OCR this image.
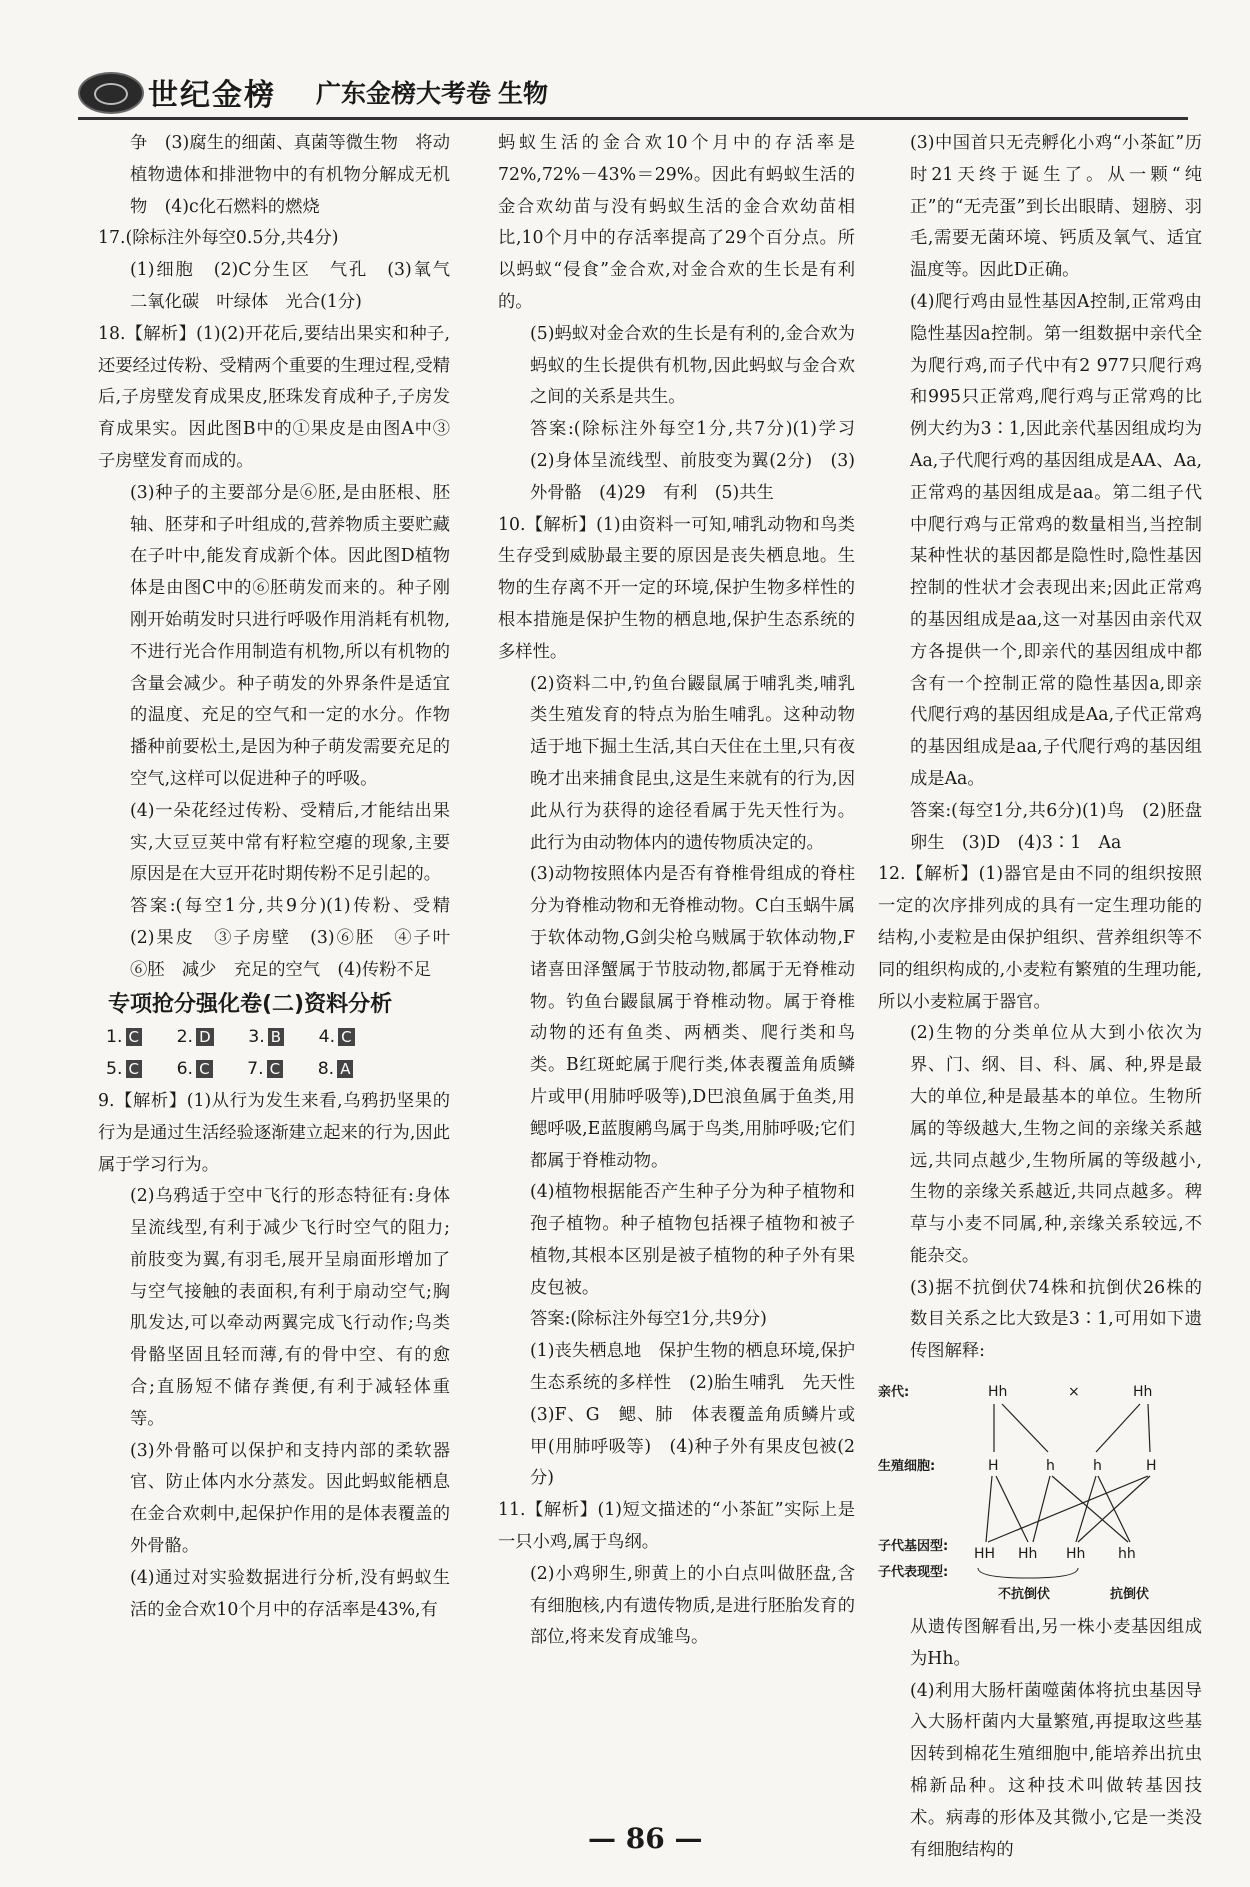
世纪金榜 广东金榜大考卷 生物

争　(3)腐生的细菌、真菌等微生物　将动植物遗体和排泄物中的有机物分解成无机物　(4)c化石燃料的燃烧

17.(除标注外每空0.5分,共4分)

(1)细胞　(2)C分生区　气孔　(3)氧气　二氧化碳　叶绿体　光合(1分)

18.【解析】(1)(2)开花后,要结出果实和种子,还要经过传粉、受精两个重要的生理过程,受精后,子房壁发育成果皮,胚珠发育成种子,子房发育成果实。因此图B中的①果皮是由图A中③子房壁发育而成的。

(3)种子的主要部分是⑥胚,是由胚根、胚轴、胚芽和子叶组成的,营养物质主要贮藏在子叶中,能发育成新个体。因此图D植物体是由图C中的⑥胚萌发而来的。种子刚刚开始萌发时只进行呼吸作用消耗有机物,不进行光合作用制造有机物,所以有机物的含量会减少。种子萌发的外界条件是适宜的温度、充足的空气和一定的水分。作物播种前要松土,是因为种子萌发需要充足的空气,这样可以促进种子的呼吸。

(4)一朵花经过传粉、受精后,才能结出果实,大豆豆荚中常有籽粒空瘪的现象,主要原因是在大豆开花时期传粉不足引起的。

答案:(每空1分,共9分)(1)传粉、受精　(2)果皮　③子房壁　(3)⑥胚　④子叶　⑥胚　减少　充足的空气　(4)传粉不足

专项抢分强化卷(二)资料分析
1. C　　 2. D　　 3. B　　 4. C　　
5. C　　 6. C　　 7. C　　 8. A　　

9.【解析】(1)从行为发生来看,乌鸦扔坚果的行为是通过生活经验逐渐建立起来的行为,因此属于学习行为。

(2)乌鸦适于空中飞行的形态特征有:身体呈流线型,有利于减少飞行时空气的阻力;前肢变为翼,有羽毛,展开呈扇面形增加了与空气接触的表面积,有利于扇动空气;胸肌发达,可以牵动两翼完成飞行动作;鸟类骨骼坚固且轻而薄,有的骨中空、有的愈合;直肠短不储存粪便,有利于减轻体重等。

(3)外骨骼可以保护和支持内部的柔软器官、防止体内水分蒸发。因此蚂蚁能栖息在金合欢刺中,起保护作用的是体表覆盖的外骨骼。

(4)通过对实验数据进行分析,没有蚂蚁生活的金合欢10个月中的存活率是43%,有

蚂蚁生活的金合欢10个月中的存活率是72%,72%－43%＝29%。因此有蚂蚁生活的金合欢幼苗与没有蚂蚁生活的金合欢幼苗相比,10个月中的存活率提高了29个百分点。所以蚂蚁“侵食”金合欢,对金合欢的生长是有利的。

(5)蚂蚁对金合欢的生长是有利的,金合欢为蚂蚁的生长提供有机物,因此蚂蚁与金合欢之间的关系是共生。

答案:(除标注外每空1分,共7分)(1)学习　(2)身体呈流线型、前肢变为翼(2分)　(3)外骨骼　(4)29　有利　(5)共生

10.【解析】(1)由资料一可知,哺乳动物和鸟类生存受到威胁最主要的原因是丧失栖息地。生物的生存离不开一定的环境,保护生物多样性的根本措施是保护生物的栖息地,保护生态系统的多样性。

(2)资料二中,钓鱼台鼹鼠属于哺乳类,哺乳类生殖发育的特点为胎生哺乳。这种动物适于地下掘土生活,其白天住在土里,只有夜晚才出来捕食昆虫,这是生来就有的行为,因此从行为获得的途径看属于先天性行为。此行为由动物体内的遗传物质决定的。

(3)动物按照体内是否有脊椎骨组成的脊柱分为脊椎动物和无脊椎动物。C白玉蜗牛属于软体动物,G剑尖枪乌贼属于软体动物,F诸喜田泽蟹属于节肢动物,都属于无脊椎动物。钓鱼台鼹鼠属于脊椎动物。属于脊椎动物的还有鱼类、两栖类、爬行类和鸟类。B红斑蛇属于爬行类,体表覆盖角质鳞片或甲(用肺呼吸等),D巴浪鱼属于鱼类,用鳃呼吸,E蓝腹鹇鸟属于鸟类,用肺呼吸;它们都属于脊椎动物。

(4)植物根据能否产生种子分为种子植物和孢子植物。种子植物包括裸子植物和被子植物,其根本区别是被子植物的种子外有果皮包被。

答案:(除标注外每空1分,共9分)

(1)丧失栖息地　保护生物的栖息环境,保护生态系统的多样性　(2)胎生哺乳　先天性　(3)F、G　鳃、肺　体表覆盖角质鳞片或甲(用肺呼吸等)　(4)种子外有果皮包被(2分)

11.【解析】(1)短文描述的“小茶缸”实际上是一只小鸡,属于鸟纲。

(2)小鸡卵生,卵黄上的小白点叫做胚盘,含有细胞核,内有遗传物质,是进行胚胎发育的部位,将来发育成雏鸟。

(3)中国首只无壳孵化小鸡“小茶缸”历时21天终于诞生了。从一颗“纯正”的“无壳蛋”到长出眼睛、翅膀、羽毛,需要无菌环境、钙质及氧气、适宜温度等。因此D正确。

(4)爬行鸡由显性基因A控制,正常鸡由隐性基因a控制。第一组数据中亲代全为爬行鸡,而子代中有2 977只爬行鸡和995只正常鸡,爬行鸡与正常鸡的比例大约为3∶1,因此亲代基因组成均为Aa,子代爬行鸡的基因组成是AA、Aa,正常鸡的基因组成是aa。第二组子代中爬行鸡与正常鸡的数量相当,当控制某种性状的基因都是隐性时,隐性基因控制的性状才会表现出来;因此正常鸡的基因组成是aa,这一对基因由亲代双方各提供一个,即亲代的基因组成中都含有一个控制正常的隐性基因a,即亲代爬行鸡的基因组成是Aa,子代正常鸡的基因组成是aa,子代爬行鸡的基因组成是Aa。

答案:(每空1分,共6分)(1)鸟　(2)胚盘　卵生　(3)D　(4)3∶1　Aa

12.【解析】(1)器官是由不同的组织按照一定的次序排列成的具有一定生理功能的结构,小麦粒是由保护组织、营养组织等不同的组织构成的,小麦粒有繁殖的生理功能,所以小麦粒属于器官。

(2)生物的分类单位从大到小依次为界、门、纲、目、科、属、种,界是最大的单位,种是最基本的单位。生物所属的等级越大,生物之间的亲缘关系越远,共同点越少,生物所属的等级越小,生物的亲缘关系越近,共同点越多。稗草与小麦不同属,种,亲缘关系较远,不能杂交。

(3)据不抗倒伏74株和抗倒伏26株的数目关系之比大致是3∶1,可用如下遗传图解释:

亲代:	Hh	×	Hh
生殖细胞:	H	h	h	H
子代基因型: HH Hh Hh hh
子代表现型:
不抗倒伏	抗倒伏

从遗传图解看出,另一株小麦基因组成为Hh。

(4)利用大肠杆菌噬菌体将抗虫基因导入大肠杆菌内大量繁殖,再提取这些基因转到棉花生殖细胞中,能培养出抗虫棉新品种。这种技术叫做转基因技术。病毒的形体及其微小,它是一类没有细胞结构的

— 86 —
